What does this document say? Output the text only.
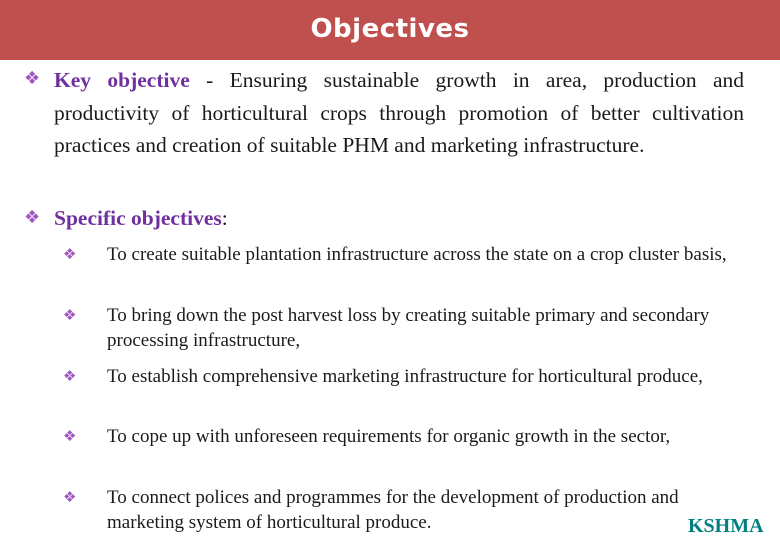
Objectives
❖ Key objective - Ensuring sustainable growth in area, production and productivity of horticultural crops through promotion of better cultivation practices and creation of suitable PHM and marketing infrastructure.
❖ Specific objectives:
❖ To create suitable plantation infrastructure across the state on a crop cluster basis,
❖ To bring down the post harvest loss by creating suitable primary and secondary processing infrastructure,
❖ To establish comprehensive marketing infrastructure for horticultural produce,
❖ To cope up with unforeseen requirements for organic growth in the sector,
❖ To connect polices and programmes for the development of production and marketing system of horticultural produce.	KSHMA
